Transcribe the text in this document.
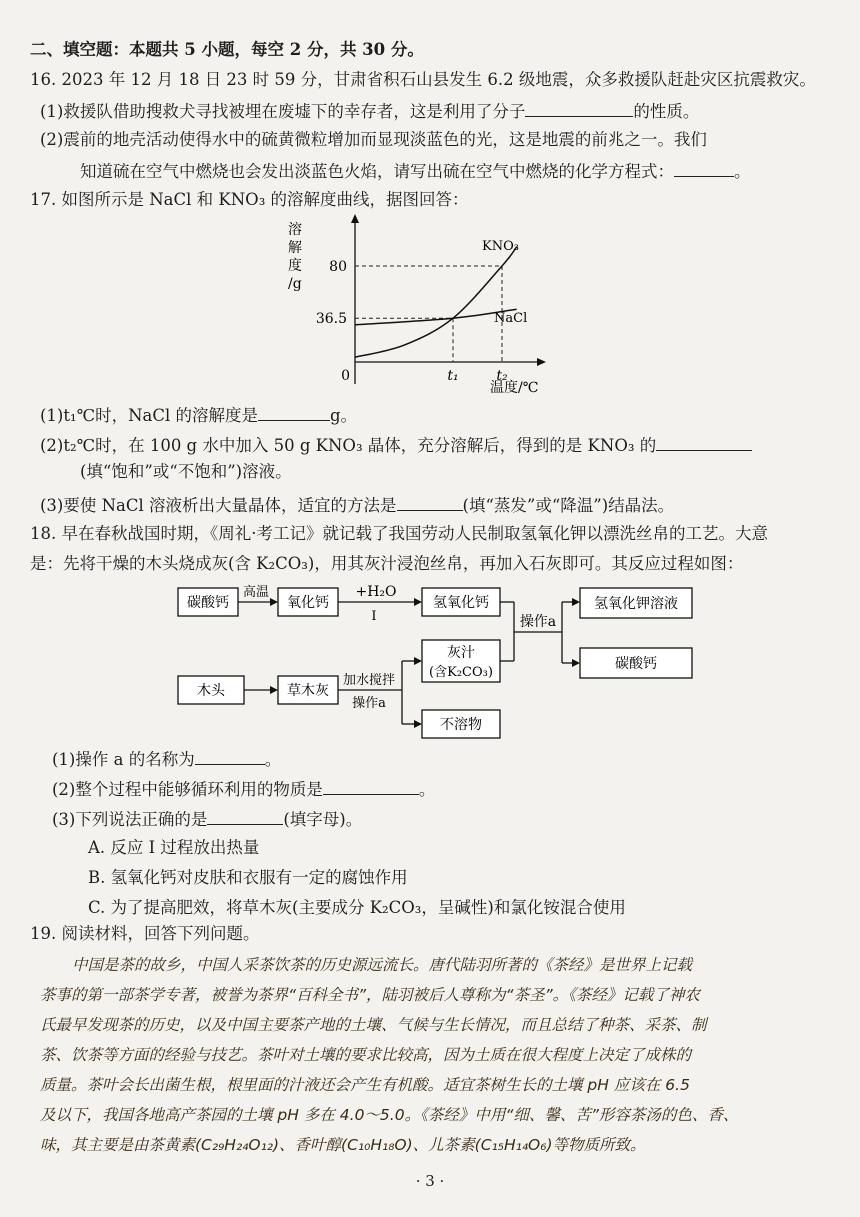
二、填空题：本题共 5 小题，每空 2 分，共 30 分。
16. 2023 年 12 月 18 日 23 时 59 分，甘肃省积石山县发生 6.2 级地震，众多救援队赶赴灾区抗震救灾。
(1)救援队借助搜救犬寻找被埋在废墟下的幸存者，这是利用了分子	的性质。
(2)震前的地壳活动使得水中的硫黄微粒增加而显现淡蓝色的光，这是地震的前兆之一。我们
知道硫在空气中燃烧也会发出淡蓝色火焰，请写出硫在空气中燃烧的化学方程式：	。
17. 如图所示是 NaCl 和 KNO₃ 的溶解度曲线，据图回答：
溶
解
度
/g
80
36.5
0	t₁	t₂
温度/℃
KNO₃
NaCl
(1)t₁℃时，NaCl 的溶解度是	g。
(2)t₂℃时，在 100 g 水中加入 50 g KNO₃ 晶体，充分溶解后，得到的是 KNO₃ 的
(填“饱和”或“不饱和”)溶液。
(3)要使 NaCl 溶液析出大量晶体，适宜的方法是	(填“蒸发”或“降温”)结晶法。
18. 早在春秋战国时期，《周礼·考工记》就记载了我国劳动人民制取氢氧化钾以漂洗丝帛的工艺。大意
是：先将干燥的木头烧成灰(含 K₂CO₃)，用其灰汁浸泡丝帛，再加入石灰即可。其反应过程如图：
碳酸钙	氧化钙	氢氧化钙	氢氧化钾溶液
碳酸钙
木头	草木灰
灰汁
(含K₂CO₃)
不溶物
高温	+H₂O
I	操作a
加水搅拌
操作a
(1)操作 a 的名称为	。
(2)整个过程中能够循环利用的物质是	。
(3)下列说法正确的是	(填字母)。
A. 反应 Ⅰ 过程放出热量
B. 氢氧化钙对皮肤和衣服有一定的腐蚀作用
C. 为了提高肥效，将草木灰(主要成分 K₂CO₃，呈碱性)和氯化铵混合使用
19. 阅读材料，回答下列问题。

中国是茶的故乡，中国人采茶饮茶的历史源远流长。唐代陆羽所著的《茶经》是世界上记载

茶事的第一部茶学专著，被誉为茶界“百科全书”，陆羽被后人尊称为“茶圣”。《茶经》记载了神农

氏最早发现茶的历史，以及中国主要茶产地的土壤、气候与生长情况，而且总结了种茶、采茶、制

茶、饮茶等方面的经验与技艺。茶叶对土壤的要求比较高，因为土质在很大程度上决定了成株的

质量。茶叶会长出菌生根，根里面的汁液还会产生有机酸。适宜茶树生长的土壤 pH 应该在 6.5

及以下，我国各地高产茶园的土壤 pH 多在 4.0～5.0。《茶经》中用“细、馨、苦”形容茶汤的色、香、

味，其主要是由茶黄素(C₂₉H₂₄O₁₂)、香叶醇(C₁₀H₁₈O)、儿茶素(C₁₅H₁₄O₆)等物质所致。

· 3 ·
